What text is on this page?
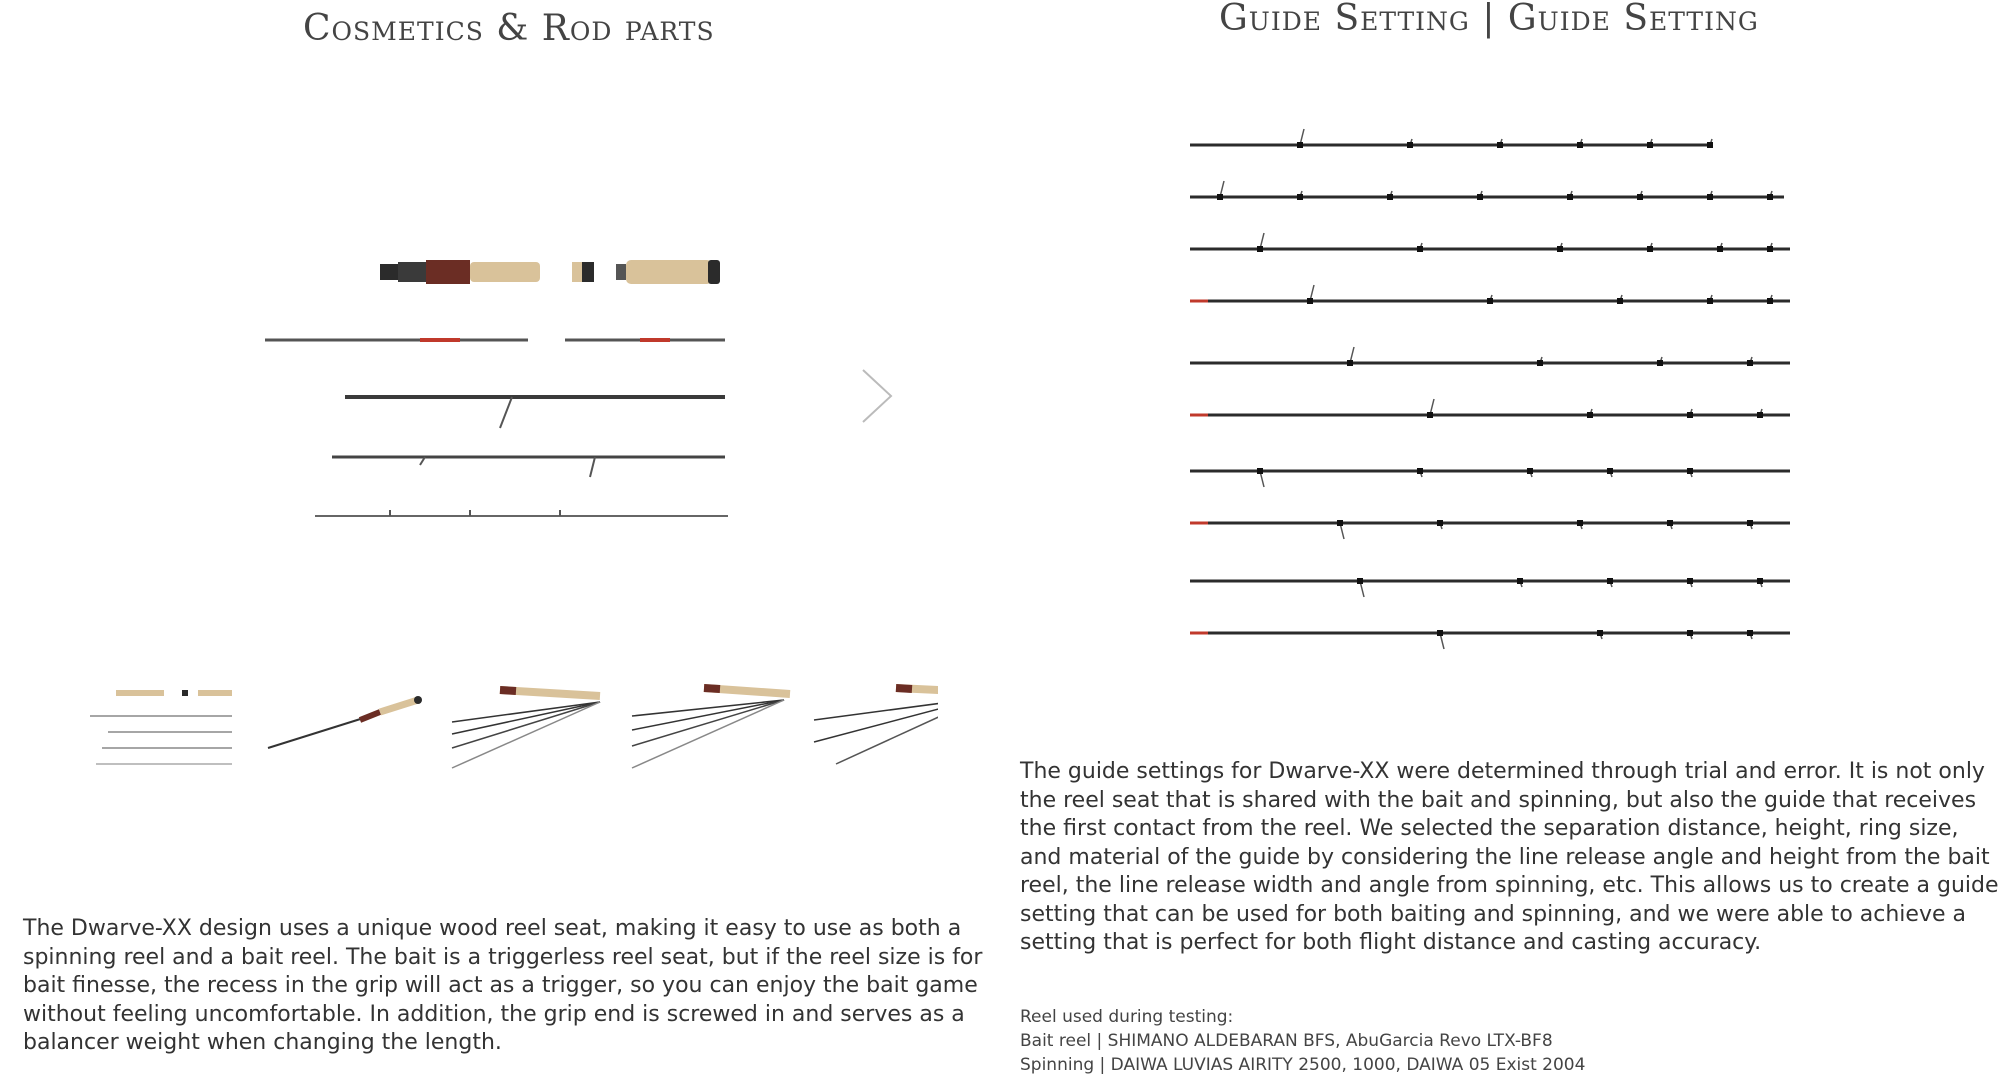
Cosmetics & Rod parts	Guide Setting | Guide Setting

The Dwarve-XX design uses a unique wood reel seat, making it easy to use as both a spinning reel and a bait reel. The bait is a triggerless reel seat, but if the reel size is for bait finesse, the recess in the grip will act as a trigger, so you can enjoy the bait game without feeling uncomfortable. In addition, the grip end is screwed in and serves as a balancer weight when changing the length.

The guide settings for Dwarve-XX were determined through trial and error. It is not only the reel seat that is shared with the bait and spinning, but also the guide that receives the first contact from the reel. We selected the separation distance, height, ring size, and material of the guide by considering the line release angle and height from the bait reel, the line release width and angle from spinning, etc. This allows us to create a guide setting that can be used for both baiting and spinning, and we were able to achieve a setting that is perfect for both flight distance and casting accuracy.

Reel used during testing:
Bait reel | SHIMANO ALDEBARAN BFS, AbuGarcia Revo LTX-BF8
Spinning | DAIWA LUVIAS AIRITY 2500, 1000, DAIWA 05 Exist 2004
